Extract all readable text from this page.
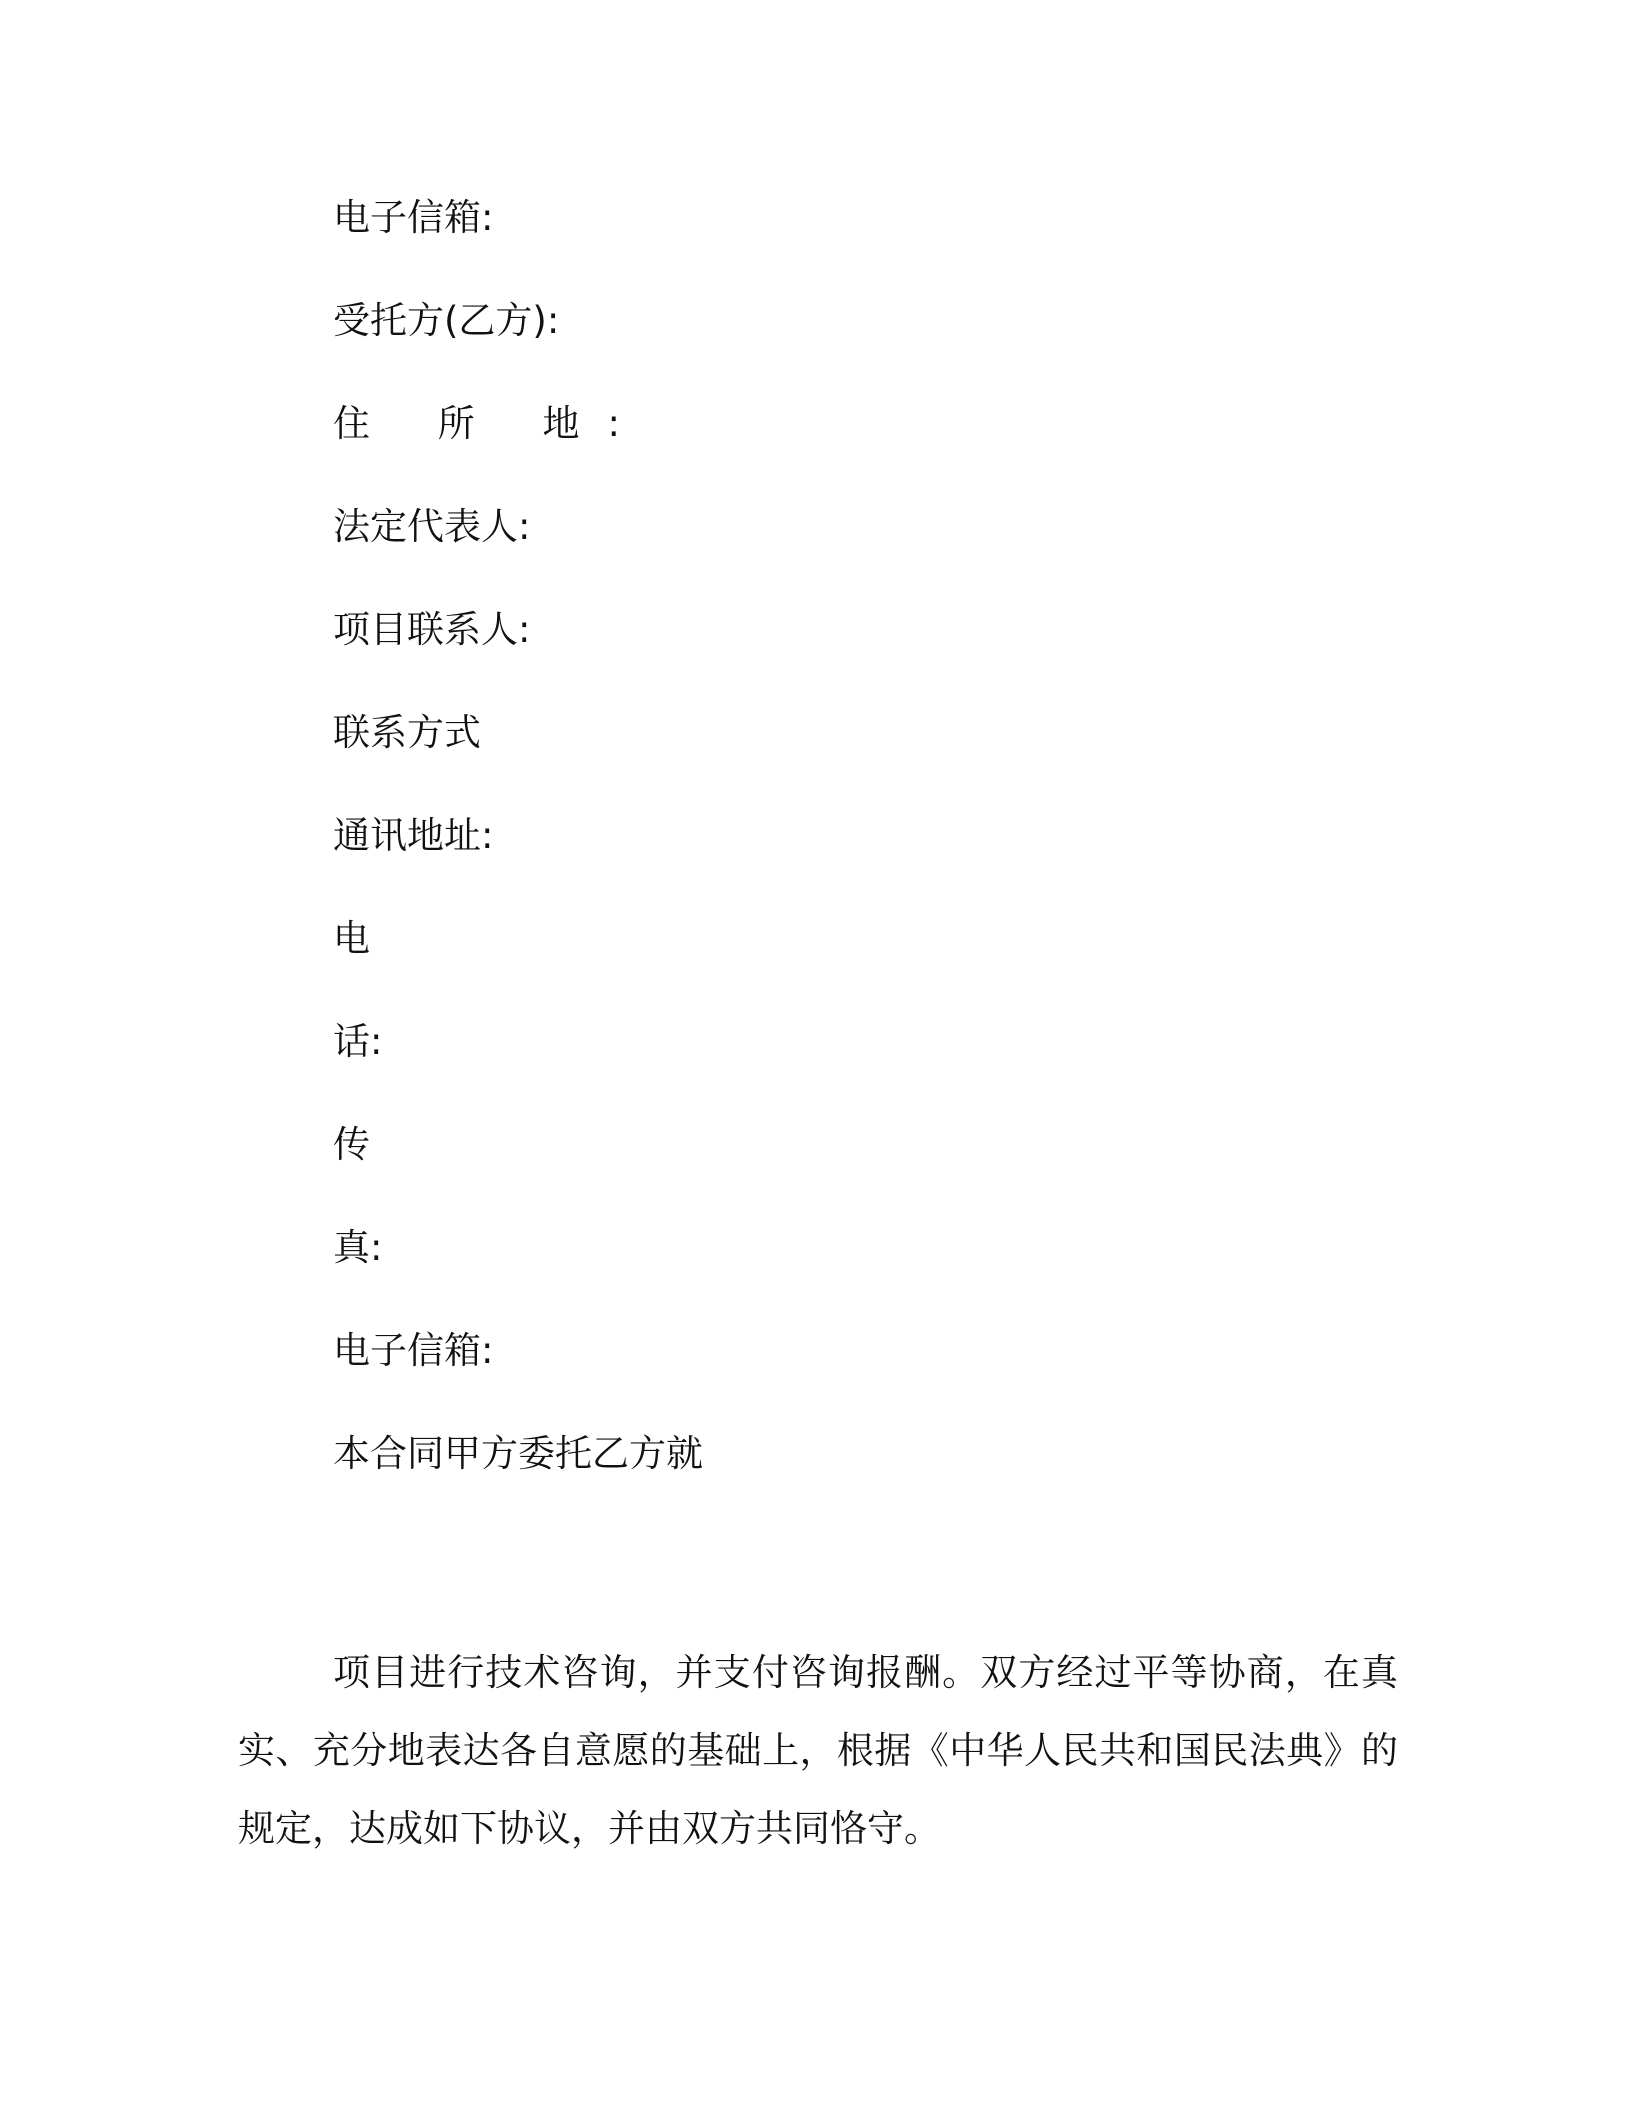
电子信箱:

受托方(乙方):

住 所 地:

法定代表人:

项目联系人:

联系方式

通讯地址:

电

话:

传

真:

电子信箱:

本合同甲方委托乙方就

项目进行技术咨询，并支付咨询报酬。双方经过平等协商，在真实、充分地表达各自意愿的基础上，根据《中华人民共和国民法典》的规定，达成如下协议，并由双方共同恪守。
